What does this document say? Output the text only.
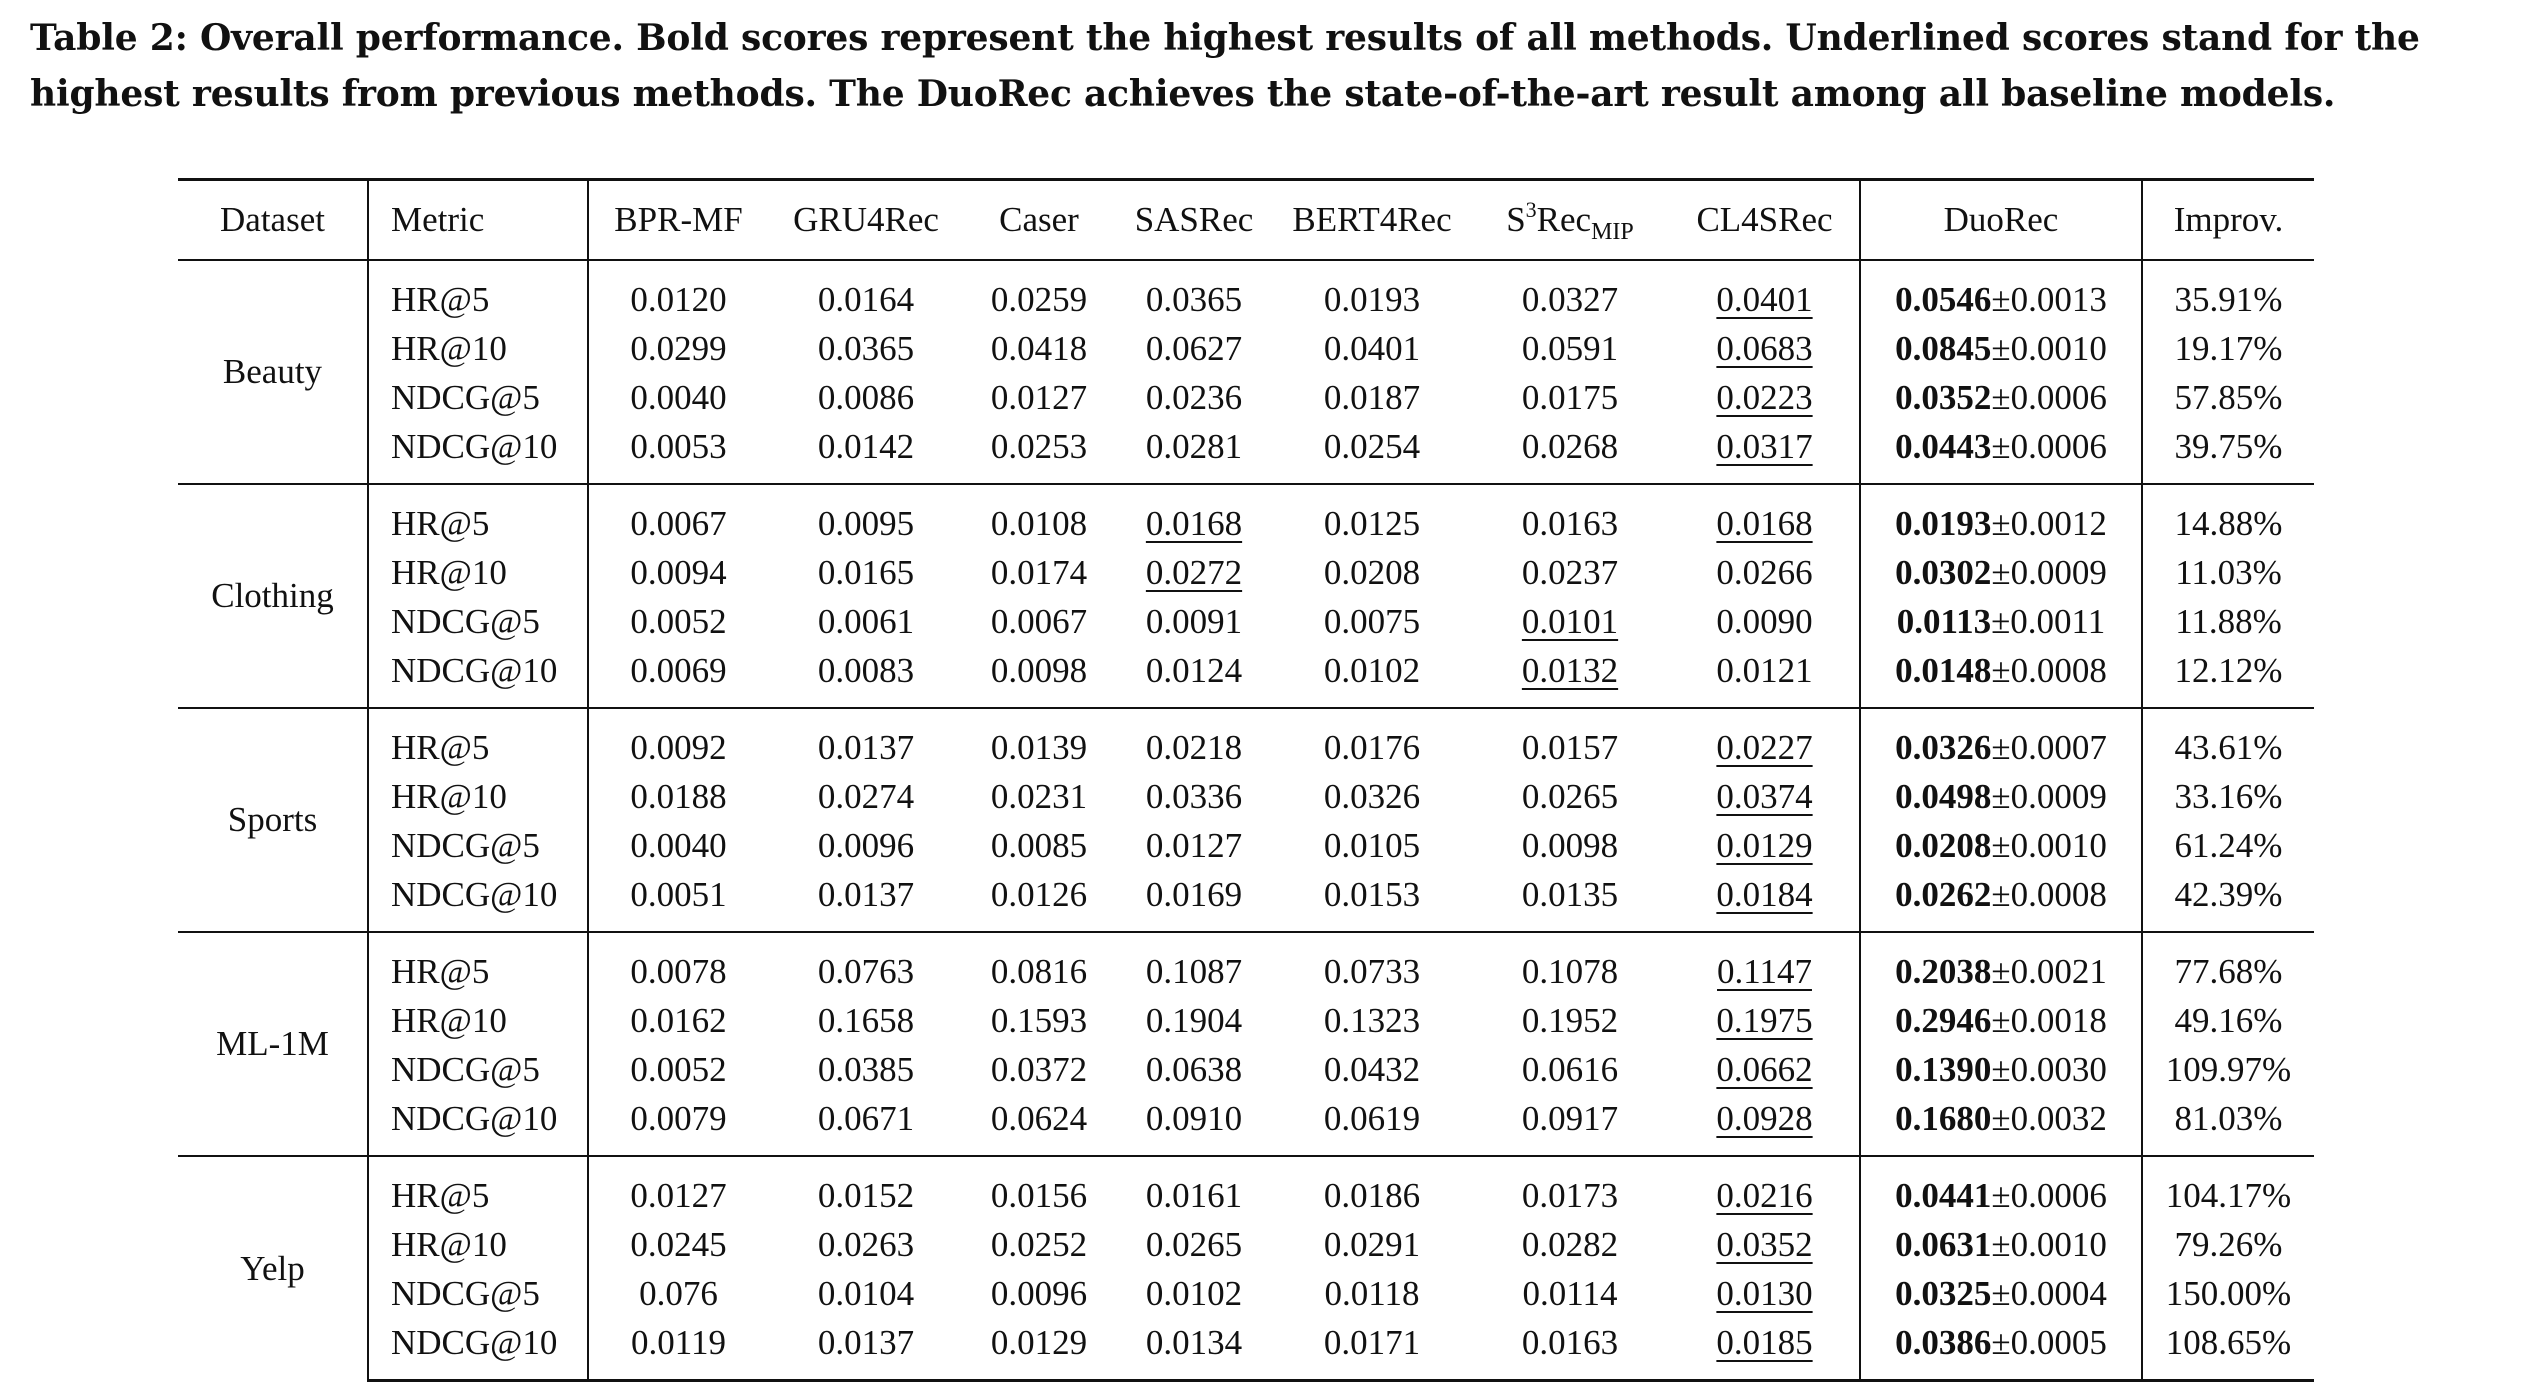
Table 2: Overall performance. Bold scores represent the highest results of all methods. Underlined scores stand for the highest results from previous methods. The DuoRec achieves the state-of-the-art result among all baseline models.
Dataset	Metric	BPR-MF	GRU4Rec	Caser	SASRec	BERT4Rec	$S^3Rec_{MIP}$	CL4SRec	DuoRec	Improv.
Beauty	HR@5	0.0120	0.0164	0.0259	0.0365	0.0193	0.0327	0.0401	0.0546±0.0013	35.91%
	HR@10	0.0299	0.0365	0.0418	0.0627	0.0401	0.0591	0.0683	0.0845±0.0010	19.17%
	NDCG@5	0.0040	0.0086	0.0127	0.0236	0.0187	0.0175	0.0223	0.0352±0.0006	57.85%
	NDCG@10	0.0053	0.0142	0.0253	0.0281	0.0254	0.0268	0.0317	0.0443±0.0006	39.75%
Clothing	HR@5	0.0067	0.0095	0.0108	0.0168	0.0125	0.0163	0.0168	0.0193±0.0012	14.88%
	HR@10	0.0094	0.0165	0.0174	0.0272	0.0208	0.0237	0.0266	0.0302±0.0009	11.03%
	NDCG@5	0.0052	0.0061	0.0067	0.0091	0.0075	0.0101	0.0090	0.0113±0.0011	11.88%
	NDCG@10	0.0069	0.0083	0.0098	0.0124	0.0102	0.0132	0.0121	0.0148±0.0008	12.12%
Sports	HR@5	0.0092	0.0137	0.0139	0.0218	0.0176	0.0157	0.0227	0.0326±0.0007	43.61%
	HR@10	0.0188	0.0274	0.0231	0.0336	0.0326	0.0265	0.0374	0.0498±0.0009	33.16%
	NDCG@5	0.0040	0.0096	0.0085	0.0127	0.0105	0.0098	0.0129	0.0208±0.0010	61.24%
	NDCG@10	0.0051	0.0137	0.0126	0.0169	0.0153	0.0135	0.0184	0.0262±0.0008	42.39%
ML-1M	HR@5	0.0078	0.0763	0.0816	0.1087	0.0733	0.1078	0.1147	0.2038±0.0021	77.68%
	HR@10	0.0162	0.1658	0.1593	0.1904	0.1323	0.1952	0.1975	0.2946±0.0018	49.16%
	NDCG@5	0.0052	0.0385	0.0372	0.0638	0.0432	0.0616	0.0662	0.1390±0.0030	109.97%
	NDCG@10	0.0079	0.0671	0.0624	0.0910	0.0619	0.0917	0.0928	0.1680±0.0032	81.03%
Yelp	HR@5	0.0127	0.0152	0.0156	0.0161	0.0186	0.0173	0.0216	0.0441±0.0006	104.17%
	HR@10	0.0245	0.0263	0.0252	0.0265	0.0291	0.0282	0.0352	0.0631±0.0010	79.26%
	NDCG@5	0.076	0.0104	0.0096	0.0102	0.0118	0.0114	0.0130	0.0325±0.0004	150.00%
	NDCG@10	0.0119	0.0137	0.0129	0.0134	0.0171	0.0163	0.0185	0.0386±0.0005	108.65%
